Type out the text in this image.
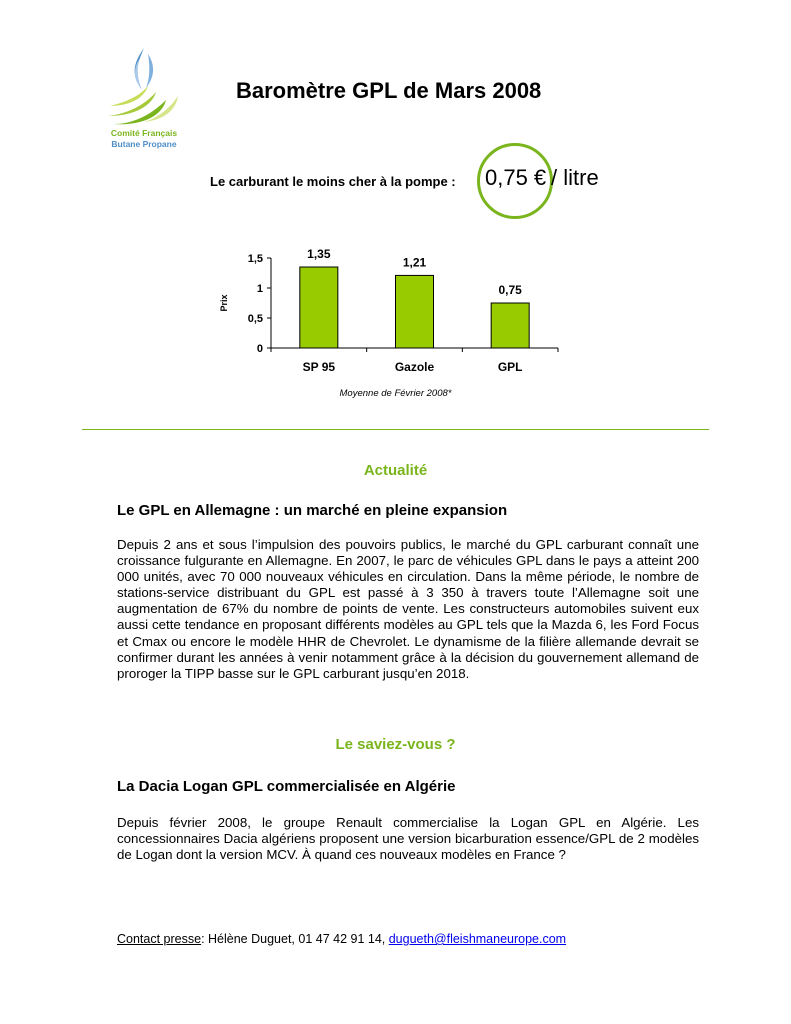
Comité Français
Butane Propane
Baromètre GPL de Mars 2008
Le carburant le moins cher à la pompe : 0,75 € / litre
0
0,5
1
1,5
Prix
1,35
SP 95
1,21
Gazole
0,75
GPL
Moyenne de Février 2008*
Actualité
Le GPL en Allemagne : un marché en pleine expansion

Depuis 2 ans et sous l’impulsion des pouvoirs publics, le marché du GPL carburant connaît une croissance fulgurante en Allemagne. En 2007, le parc de véhicules GPL dans le pays a atteint 200 000 unités, avec 70 000 nouveaux véhicules en circulation. Dans la même période, le nombre de stations-service distribuant du GPL est passé à 3 350 à travers toute l’Allemagne soit une augmentation de 67% du nombre de points de vente. Les constructeurs automobiles suivent eux aussi cette tendance en proposant différents modèles au GPL tels que la Mazda 6, les Ford Focus et Cmax ou encore le modèle HHR de Chevrolet. Le dynamisme de la filière allemande devrait se confirmer durant les années à venir notamment grâce à la décision du gouvernement allemand de proroger la TIPP basse sur le GPL carburant jusqu’en 2018.

Le saviez-vous ?
La Dacia Logan GPL commercialisée en Algérie

Depuis février 2008, le groupe Renault commercialise la Logan GPL en Algérie. Les concessionnaires Dacia algériens proposent une version bicarburation essence/GPL de 2 modèles de Logan dont la version MCV. À quand ces nouveaux modèles en France ?

Contact presse: Hélène Duguet, 01 47 42 91 14, dugueth@fleishmaneurope.com
